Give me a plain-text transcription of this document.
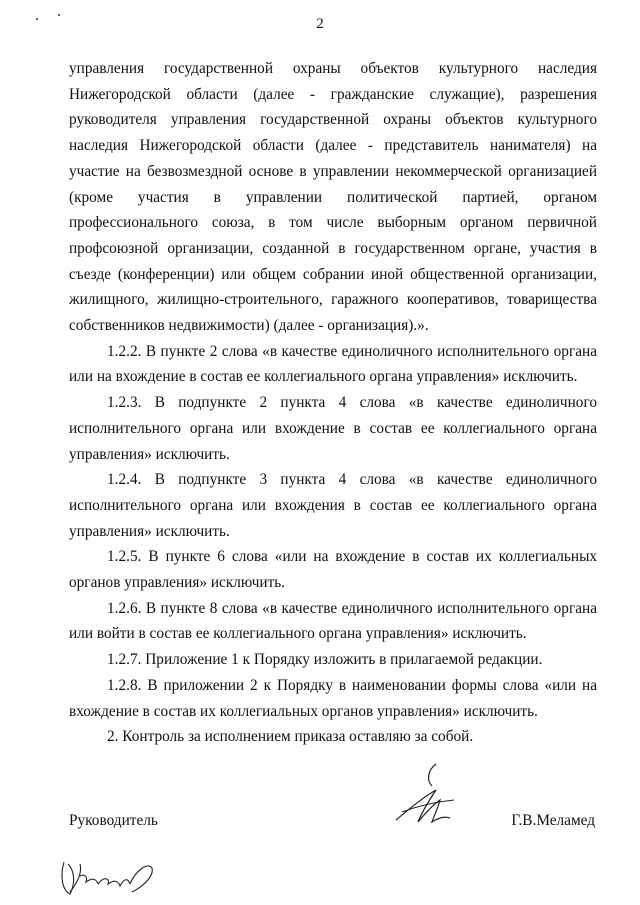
2

управления государственной охраны объектов культурного наследия Нижегородской области (далее - гражданские служащие), разрешения руководителя управления государственной охраны объектов культурного наследия Нижегородской области (далее - представитель нанимателя) на участие на безвозмездной основе в управлении некоммерческой организацией (кроме участия в управлении политической партией, органом профессионального союза, в том числе выборным органом первичной профсоюзной организации, созданной в государственном органе, участия в съезде (конференции) или общем собрании иной общественной организации, жилищного, жилищно-строительного, гаражного кооперативов, товарищества собственников недвижимости) (далее - организация).».

1.2.2. В пункте 2 слова «в качестве единоличного исполнительного органа или на вхождение в состав ее коллегиального органа управления» исключить.

1.2.3. В подпункте 2 пункта 4 слова «в качестве единоличного исполнительного органа или вхождение в состав ее коллегиального органа управления» исключить.

1.2.4. В подпункте 3 пункта 4 слова «в качестве единоличного исполнительного органа или вхождения в состав ее коллегиального органа управления» исключить.

1.2.5. В пункте 6 слова «или на вхождение в состав их коллегиальных органов управления» исключить.

1.2.6. В пункте 8 слова «в качестве единоличного исполнительного органа или войти в состав ее коллегиального органа управления» исключить.

1.2.7. Приложение 1 к Порядку изложить в прилагаемой редакции.

1.2.8. В приложении 2 к Порядку в наименовании формы слова «или на вхождение в состав их коллегиальных органов управления» исключить.

2. Контроль за исполнением приказа оставляю за собой.

Руководитель	Г.В.Меламед
